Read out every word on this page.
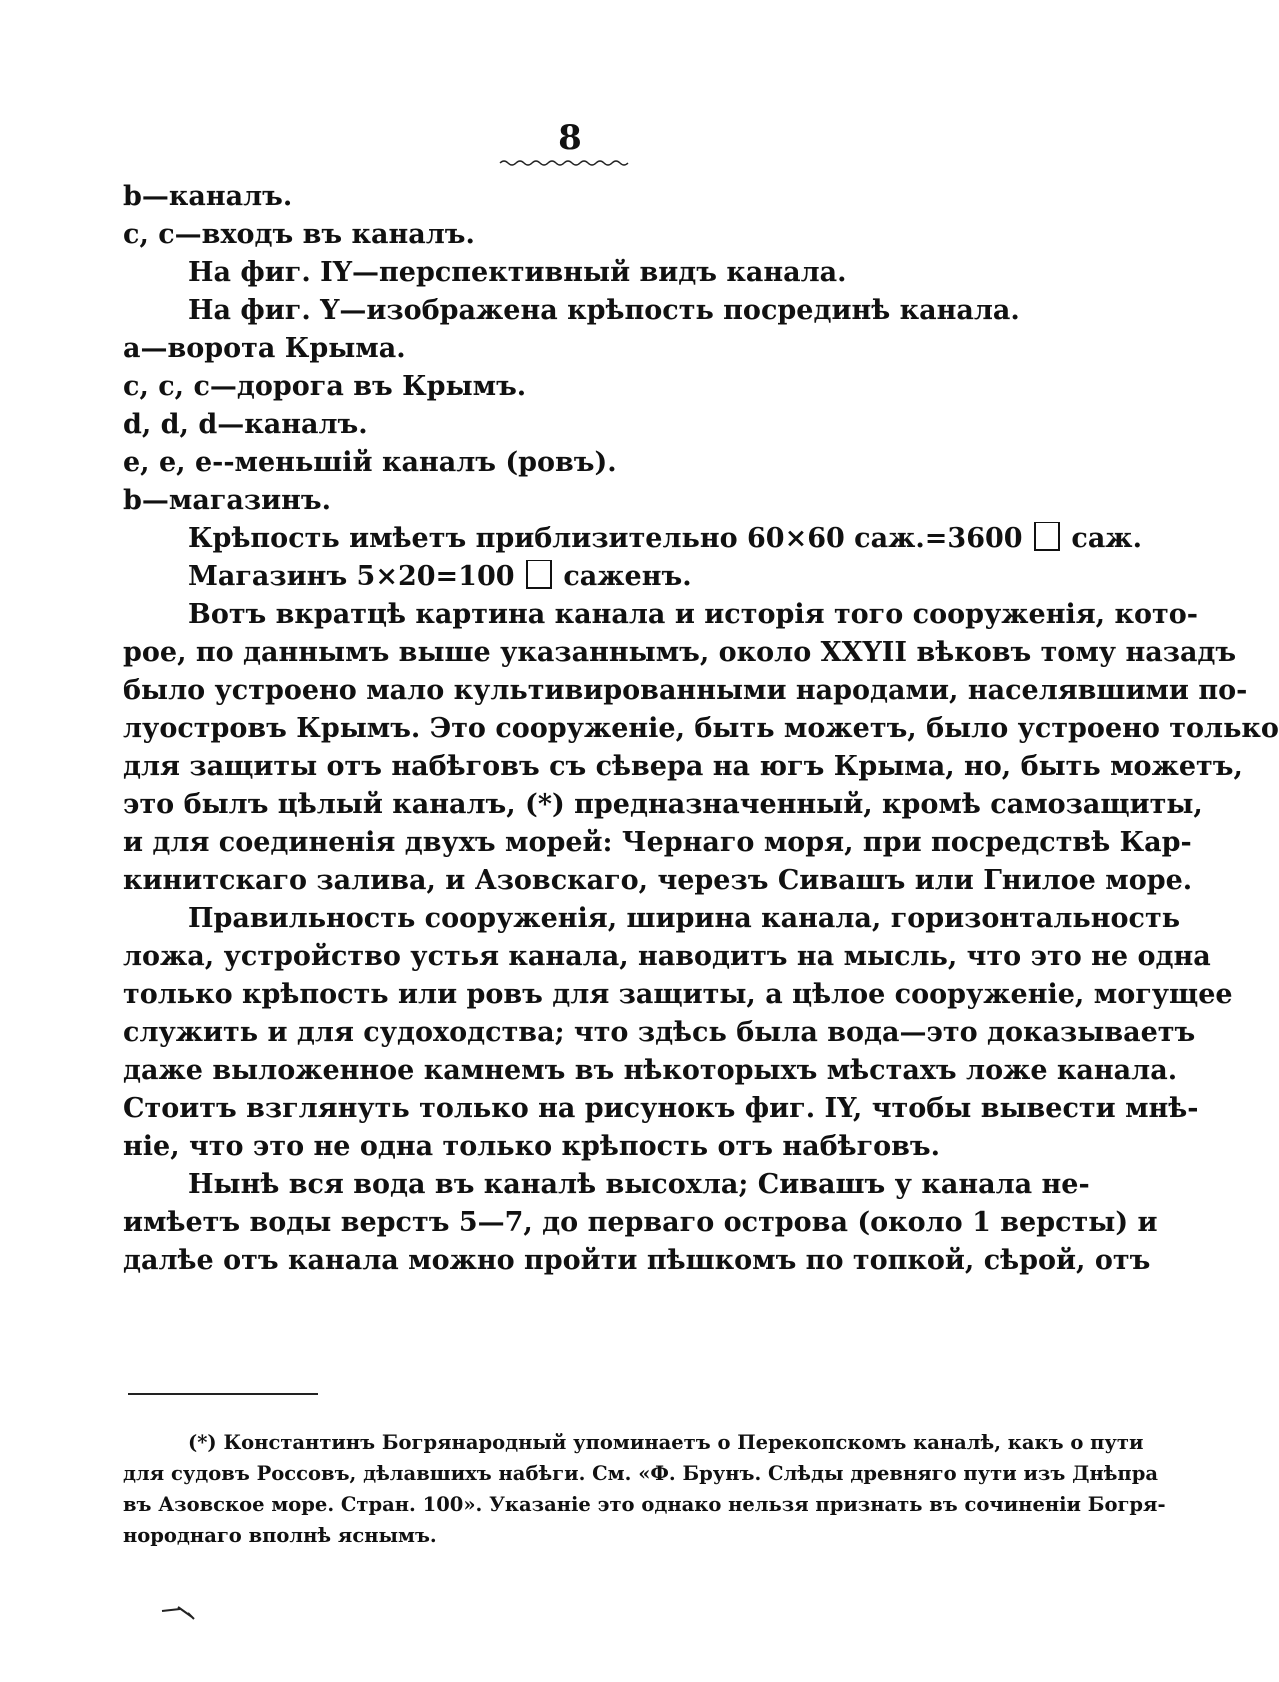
8
b—каналъ.
c, c—входъ въ каналъ.
На фиг. IY—перспективный видъ канала.
На фиг. Y—изображена крѣпость посрединѣ канала.
a—ворота Крыма.
c, c, c—дорога въ Крымъ.
d, d, d—каналъ.
e, e, e--меньшій каналъ (ровъ).
b—магазинъ.
Крѣпость имѣетъ приблизительно 60×60 саж.=3600 саж.
Магазинъ 5×20=100 саженъ.
Вотъ вкратцѣ картина канала и исторія того сооруженія, кото-
рое, по даннымъ выше указаннымъ, около XXYII вѣковъ тому назадъ
было устроено мало культивированными народами, населявшими по-
луостровъ Крымъ. Это сооруженіе, быть можетъ, было устроено только
для защиты отъ набѣговъ съ сѣвера на югъ Крыма, но, быть можетъ,
это былъ цѣлый каналъ, (*) предназначенный, кромѣ самозащиты,
и для соединенія двухъ морей: Чернаго моря, при посредствѣ Кар-
кинитскаго залива, и Азовскаго, черезъ Сивашъ или Гнилое море.
Правильность сооруженія, ширина канала, горизонтальность
ложа, устройство устья канала, наводитъ на мысль, что это не одна
только крѣпость или ровъ для защиты, а цѣлое сооруженіе, могущее
служить и для судоходства; что здѣсь была вода—это доказываетъ
даже выложенное камнемъ въ нѣкоторыхъ мѣстахъ ложе канала.
Стоитъ взглянуть только на рисунокъ фиг. IY, чтобы вывести мнѣ-
ніе, что это не одна только крѣпость отъ набѣговъ.
Нынѣ вся вода въ каналѣ высохла; Сивашъ у канала не-
имѣетъ воды верстъ 5—7, до перваго острова (около 1 версты) и
далѣе отъ канала можно пройти пѣшкомъ по топкой, сѣрой, отъ
(*) Константинъ Богрянародный упоминаетъ о Перекопскомъ каналѣ, какъ о пути
для судовъ Россовъ, дѣлавшихъ набѣги. См. «Ф. Брунъ. Слѣды древняго пути изъ Днѣпра
въ Азовское море. Стран. 100». Указаніе это однако нельзя признать въ сочиненіи Богря-
нороднаго вполнѣ яснымъ.
